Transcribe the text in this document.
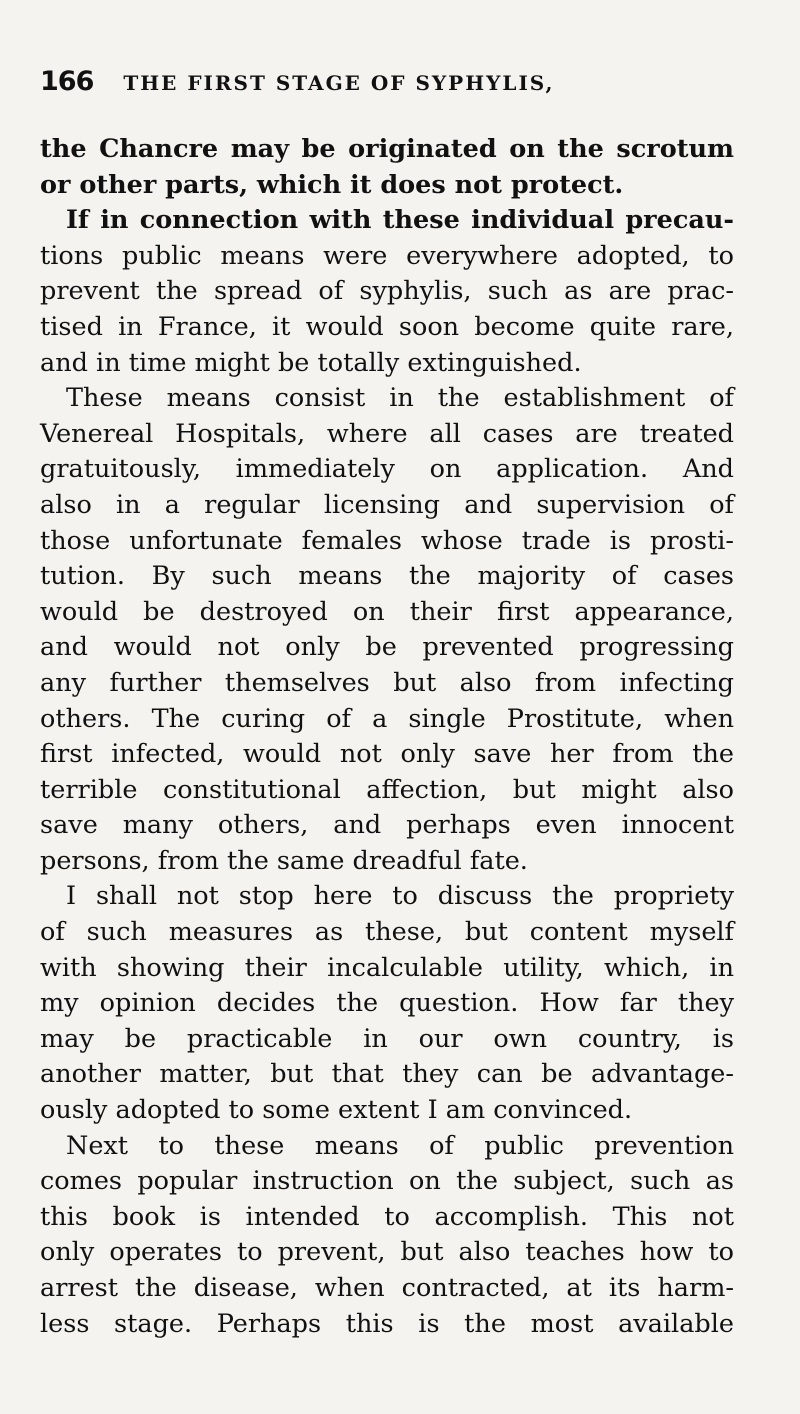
166 THE FIRST STAGE OF SYPHYLIS,
the Chancre may be originated on the scrotum
or other parts, which it does not protect.
If in connection with these individual precau-
tions public means were everywhere adopted, to
prevent the spread of syphylis, such as are prac-
tised in France, it would soon become quite rare,
and in time might be totally extinguished.
These means consist in the establishment of
Venereal Hospitals, where all cases are treated
gratuitously, immediately on application. And
also in a regular licensing and supervision of
those unfortunate females whose trade is prosti-
tution. By such means the majority of cases
would be destroyed on their first appearance,
and would not only be prevented progressing
any further themselves but also from infecting
others. The curing of a single Prostitute, when
first infected, would not only save her from the
terrible constitutional affection, but might also
save many others, and perhaps even innocent
persons, from the same dreadful fate.
I shall not stop here to discuss the propriety
of such measures as these, but content myself
with showing their incalculable utility, which, in
my opinion decides the question. How far they
may be practicable in our own country, is
another matter, but that they can be advantage-
ously adopted to some extent I am convinced.
Next to these means of public prevention
comes popular instruction on the subject, such as
this book is intended to accomplish. This not
only operates to prevent, but also teaches how to
arrest the disease, when contracted, at its harm-
less stage. Perhaps this is the most available
